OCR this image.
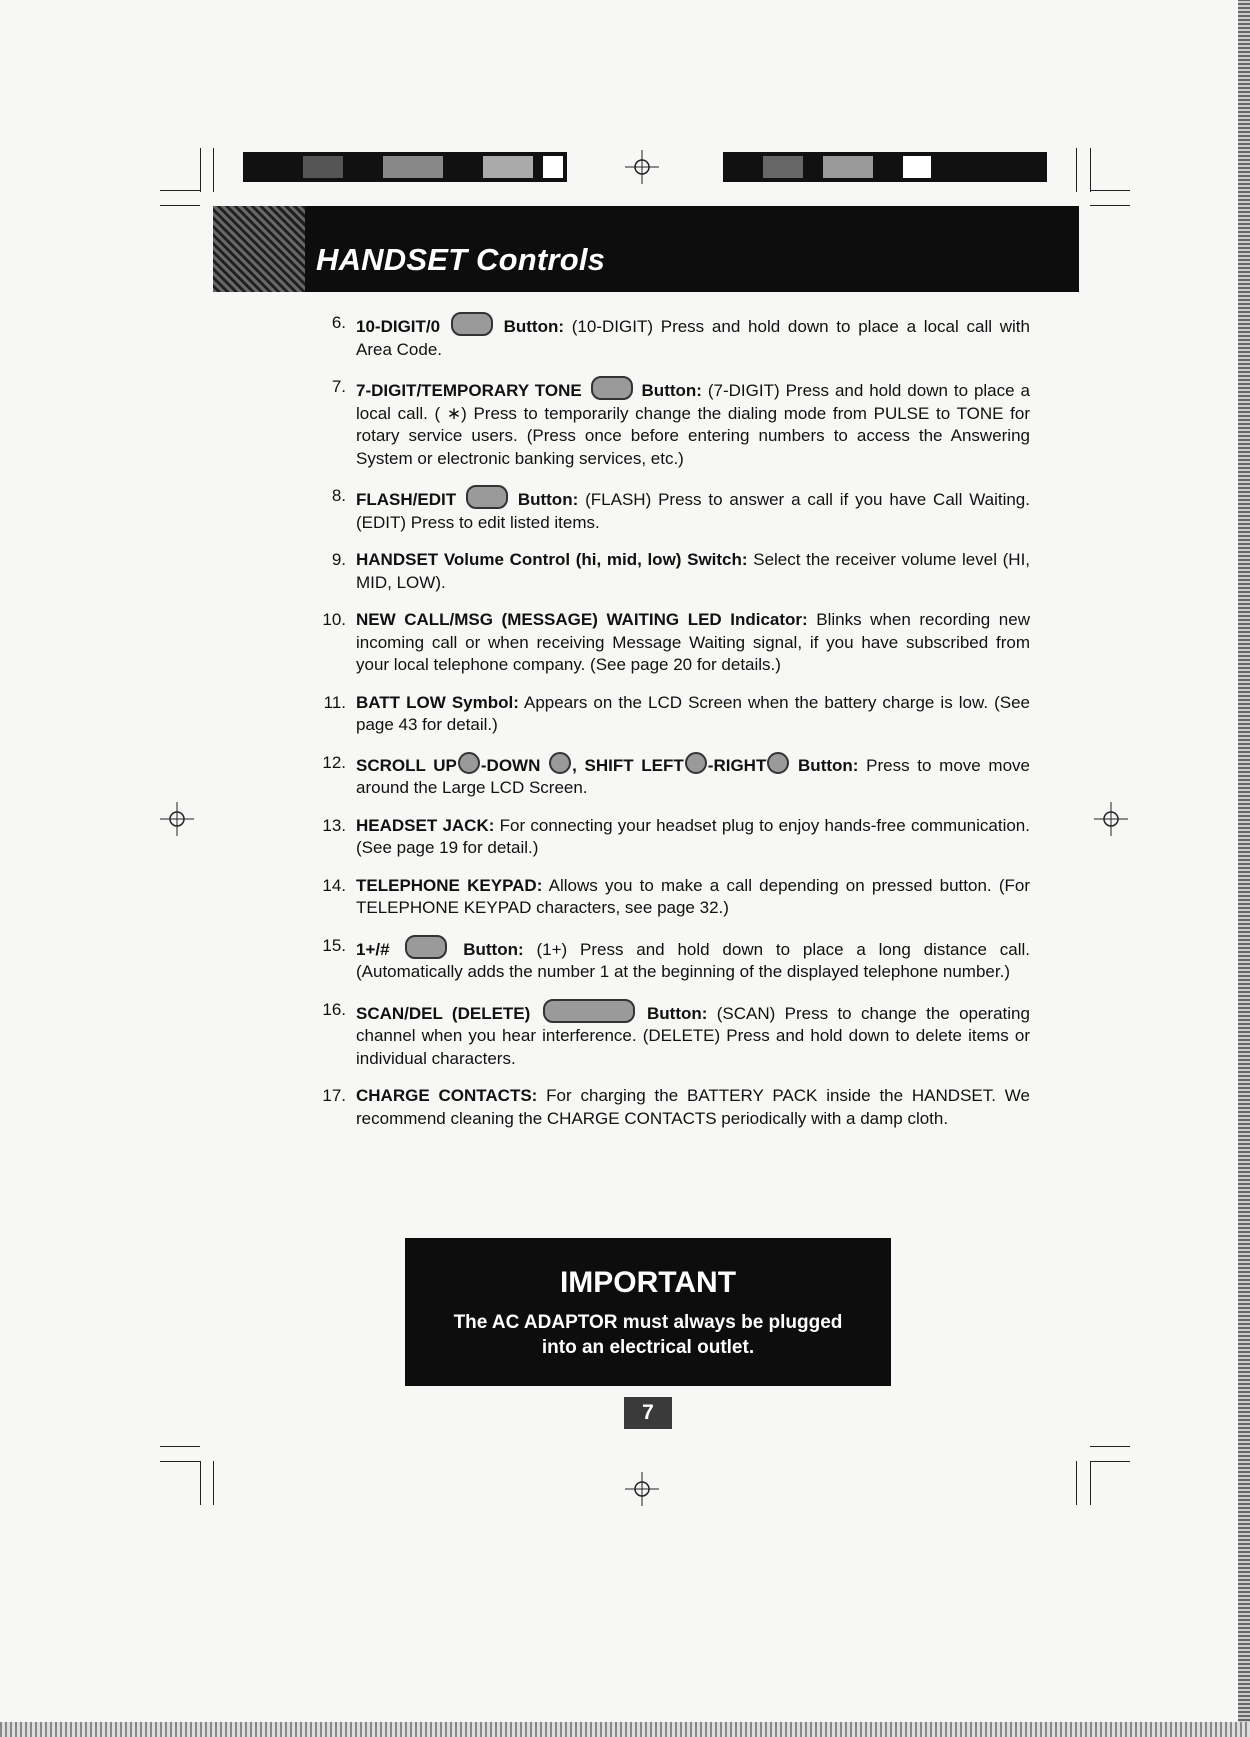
HANDSET Controls
6. 10-DIGIT/0	Button: (10-DIGIT) Press and hold down to place a local call with Area Code.
7. 7-DIGIT/TEMPORARY TONE	Button: (7-DIGIT) Press and hold down to place a local call. ( ∗) Press to temporarily change the dialing mode from PULSE to TONE for rotary service users. (Press once before entering numbers to access the Answering System or electronic banking services, etc.)
8. FLASH/EDIT	Button: (FLASH) Press to answer a call if you have Call Waiting. (EDIT) Press to edit listed items.
9. HANDSET Volume Control (hi, mid, low) Switch: Select the receiver volume level (HI, MID, LOW).
10. NEW CALL/MSG (MESSAGE) WAITING LED Indicator: Blinks when recording new incoming call or when receiving Message Waiting signal, if you have subscribed from your local telephone company. (See page 20 for details.)
11. BATT LOW Symbol: Appears on the LCD Screen when the battery charge is low. (See page 43 for detail.)
12. SCROLL UP -DOWN , SHIFT LEFT -RIGHT Button: Press to move move around the Large LCD Screen.
13. HEADSET JACK: For connecting your headset plug to enjoy hands-free communication. (See page 19 for detail.)
14. TELEPHONE KEYPAD: Allows you to make a call depending on pressed button. (For TELEPHONE KEYPAD characters, see page 32.)
15. 1+/#	Button: (1+) Press and hold down to place a long distance call. (Automatically adds the number 1 at the beginning of the displayed telephone number.)
16. SCAN/DEL (DELETE)	Button: (SCAN) Press to change the operating channel when you hear interference. (DELETE) Press and hold down to delete items or individual characters.
17. CHARGE CONTACTS: For charging the BATTERY PACK inside the HANDSET. We recommend cleaning the CHARGE CONTACTS periodically with a damp cloth.
IMPORTANT
The AC ADAPTOR must always be plugged
into an electrical outlet.
7
